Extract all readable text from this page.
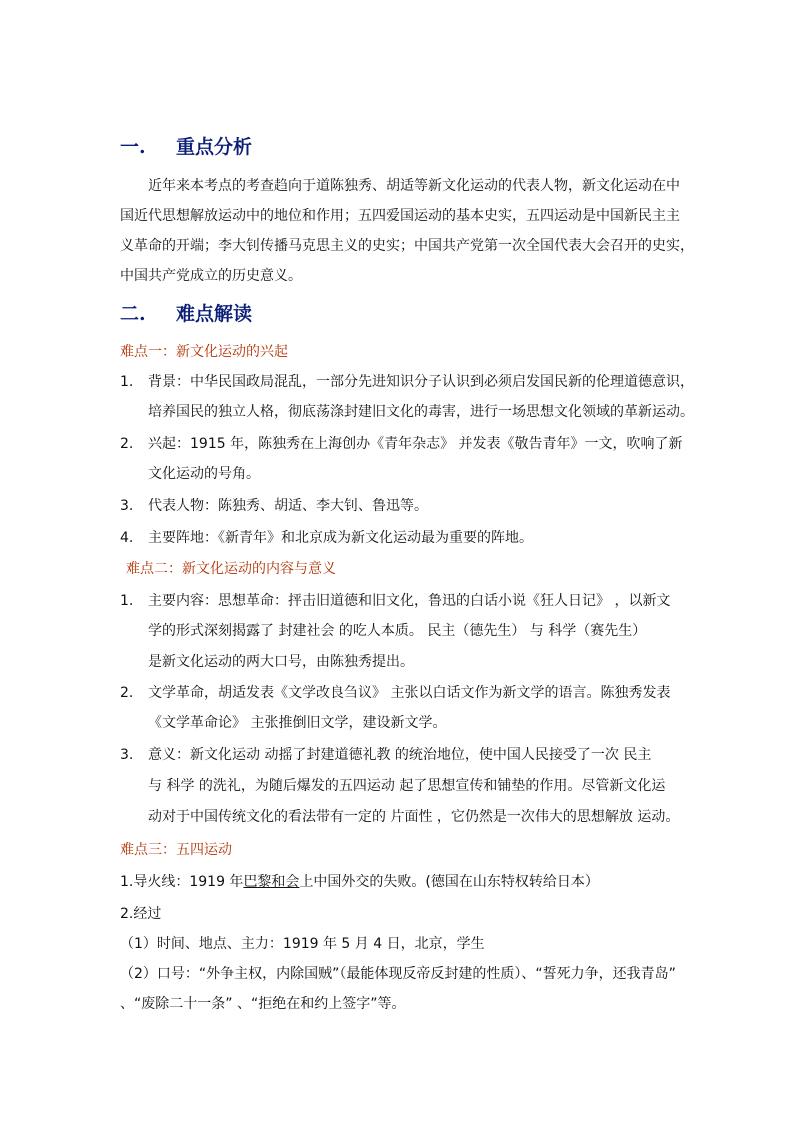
一. 重点分析
近年来本考点的考查趋向于道陈独秀、胡适等新文化运动的代表人物，新文化运动在中
国近代思想解放运动中的地位和作用；五四爱国运动的基本史实，五四运动是中国新民主主
义革命的开端；李大钊传播马克思主义的史实；中国共产党第一次全国代表大会召开的史实，
中国共产党成立的历史意义。
二. 难点解读
难点一：新文化运动的兴起
1. 背景：中华民国政局混乱，一部分先进知识分子认识到必须启发国民新的伦理道德意识，
培养国民的独立人格，彻底荡涤封建旧文化的毒害，进行一场思想文化领域的革新运动。
2. 兴起：1915 年，陈独秀在上海创办《青年杂志》 并发表《敬告青年》一文，吹响了新
文化运动的号角。
3. 代表人物：陈独秀、胡适、李大钊、鲁迅等。
4. 主要阵地：《新青年》和北京成为新文化运动最为重要的阵地。
难点二：新文化运动的内容与意义
1. 主要内容：思想革命：抨击旧道德和旧文化，鲁迅的白话小说《狂人日记》 ，以新文
学的形式深刻揭露了 封建社会 的吃人本质。 民主（德先生） 与 科学（赛先生）
是新文化运动的两大口号，由陈独秀提出。
2. 文学革命，胡适发表《文学改良刍议》 主张以白话文作为新文学的语言。陈独秀发表
《文学革命论》 主张推倒旧文学，建设新文学。
3. 意义：新文化运动 动摇了封建道德礼教 的统治地位，使中国人民接受了一次 民主
与 科学 的洗礼，为随后爆发的五四运动 起了思想宣传和铺垫的作用。尽管新文化运
动对于中国传统文化的看法带有一定的 片面性 ，它仍然是一次伟大的思想解放 运动。
难点三：五四运动
1.导火线：1919 年巴黎和会上中国外交的失败。(德国在山东特权转给日本）
2.经过
（1）时间、地点、主力：1919 年 5 月 4 日，北京，学生
（2）口号：“外争主权，内除国贼”（最能体现反帝反封建的性质）、“誓死力争，还我青岛”
、“废除二十一条” 、“拒绝在和约上签字”等。
